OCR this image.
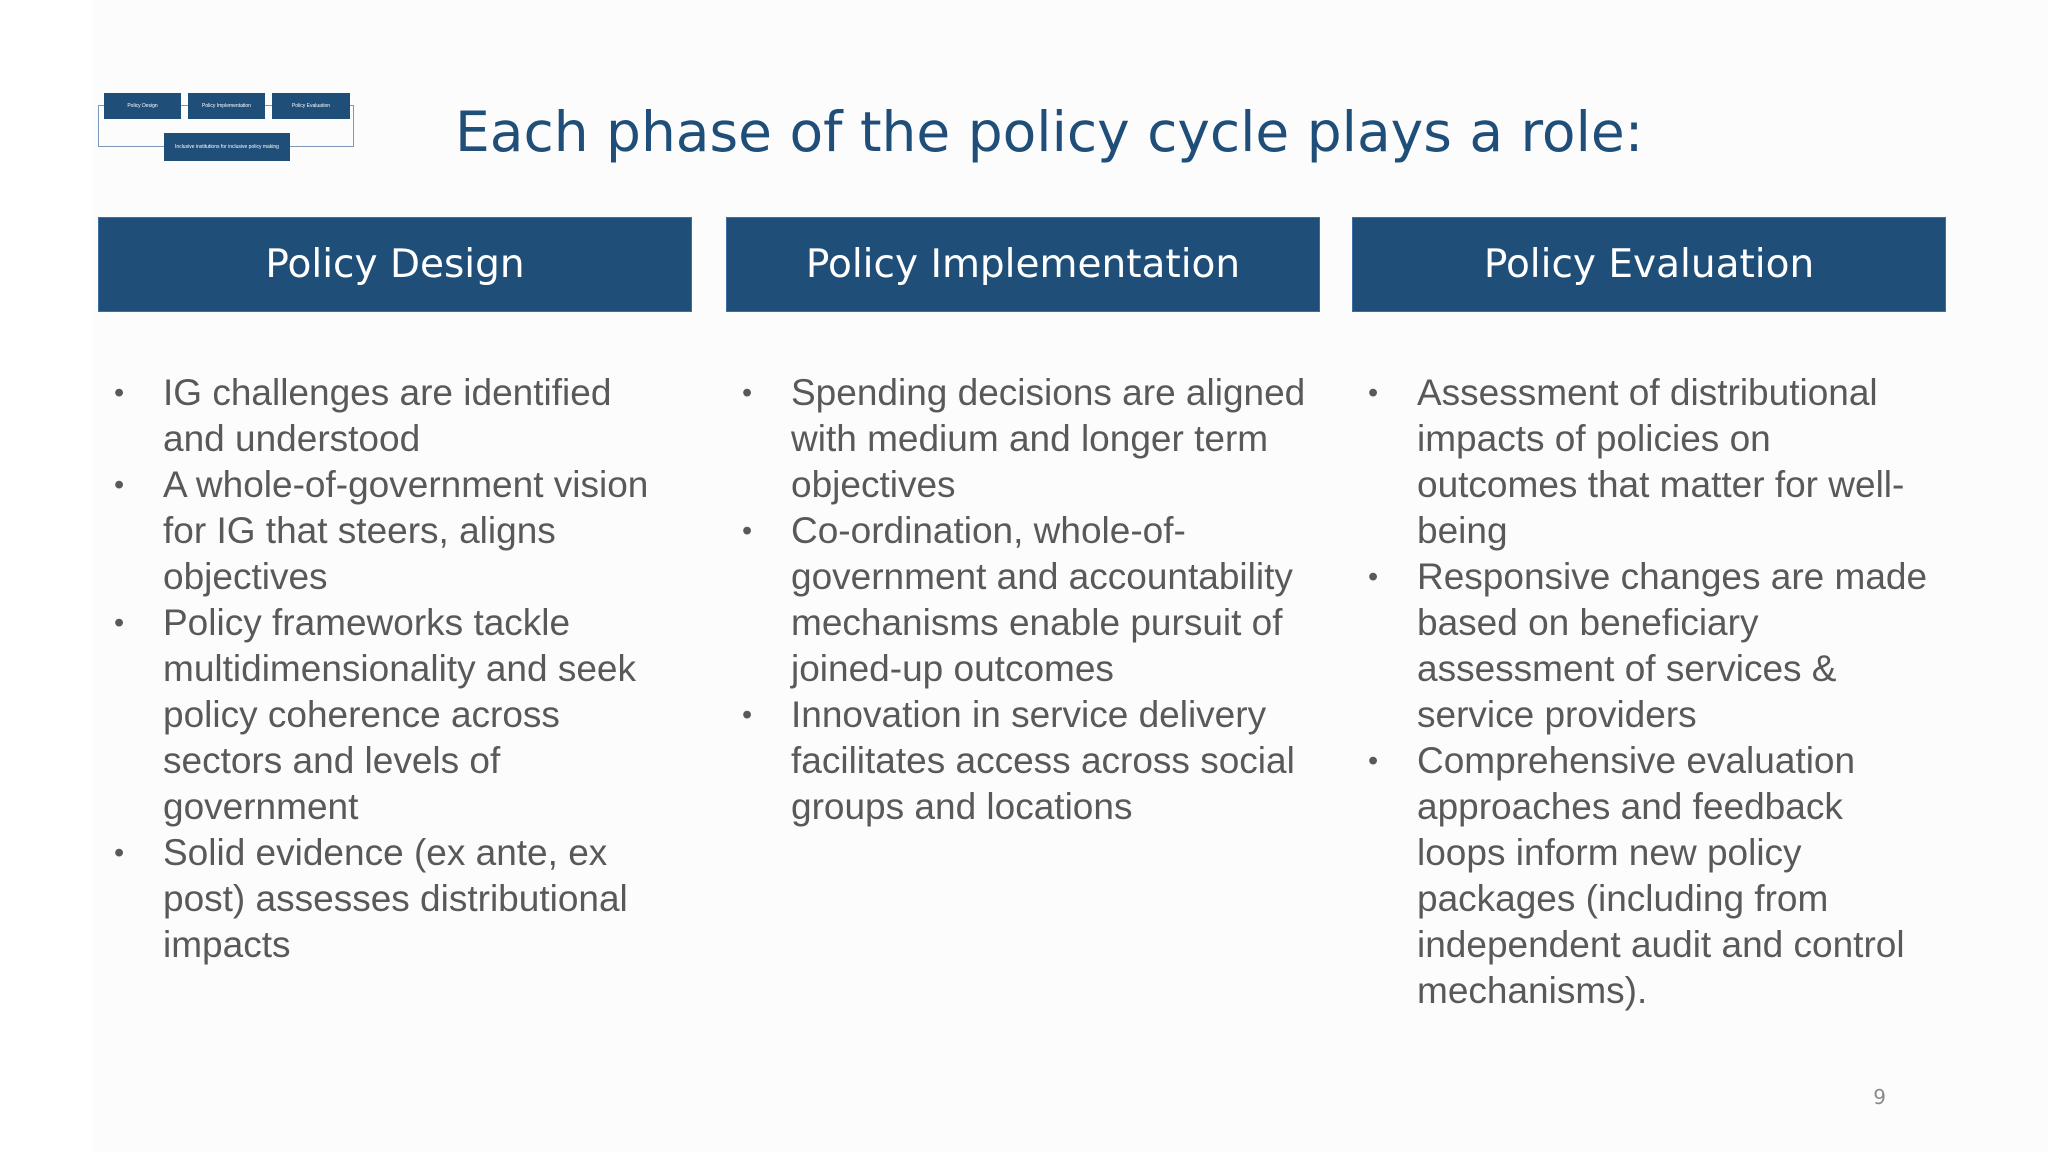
Policy Design	Policy Implementation	Policy Evaluation
Inclusive institutions for inclusive policy making	Each phase of the policy cycle plays a role:
Policy Design	Policy Implementation	Policy Evaluation
• IG challenges are identified and understood
• A whole-of-government vision for IG that steers, aligns objectives
• Policy frameworks tackle multidimensionality and seek policy coherence across sectors and levels of government
• Solid evidence (ex ante, ex post) assesses distributional impacts
• Spending decisions are aligned with medium and longer term objectives
• Co-ordination, whole-of-government and accountability mechanisms enable pursuit of joined-up outcomes
• Innovation in service delivery facilitates access across social groups and locations
• Assessment of distributional impacts of policies on outcomes that matter for well-being
• Responsive changes are made based on beneficiary assessment of services & service providers
• Comprehensive evaluation approaches and feedback loops inform new policy packages (including from independent audit and control mechanisms).
9
